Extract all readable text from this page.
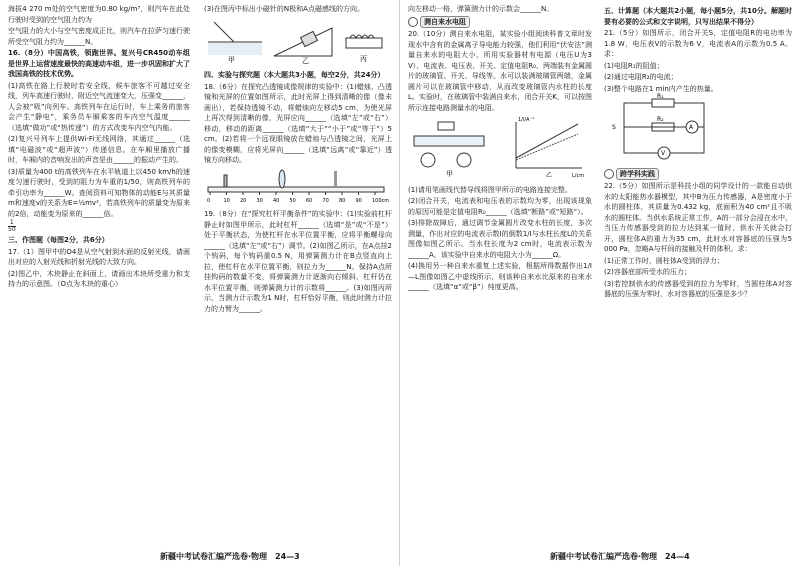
海拔4 270 m处的空气密度为0.80 kg/m³，则汽车在此处行驶时受到的空气阻力约为

空气阻力的大小与空气密度成正比，则汽车在拉萨匀速行驶所受空气阻力约为______N。

16.（8分）中国高铁，领跑世界。复兴号CR450动车组是世界上运营速度最快的高速动车组，进一步巩固和扩大了我国高铁的技术优势。

(1)高铁在路上行驶时若安全线，候车旅客不可越过安全线，列车高速行驶时，附近空气流速变大，压强变______，人会被“吸”向列车。高铁列车在运行时，车上乘务的旅客会产生“静电”，乘务员车厢乘客的车内空气温度______（选填“做功”或“热传递”）的方式改变车内空气内能。

(2)复兴号列车上提供Wi-Fi无线网络，其通过______（选填“电磁波”或“超声波”）传递信息。在车厢里播放广播时，车厢内的音响发出的声音是由______的振动产生的。

(3)质量为400 t的高铁列车在水平轨道上以450 km/h的速度匀速行驶时，受到的阻力为车重的1/50，则高铁列车的牵引功率为______W。查阅资料可知物体的动能E与其质量m和速度v的关系为E=½mv²，若高铁列车的质量变为原来的2倍，动能变为原来的______倍。

$\frac{1}{50}$

三、作图题（每图2分，共6分）

17.（1）图甲中的O4是从空气射到水面的反射光线，请画出对应的入射光线和折射光线的大致方向。

(2)图乙中，木块静止在斜面上，请画出木块所受重力和支持力的示意图。（O点为木块的重心）

(3)在图丙中标出小磁针的N极和A点磁感线的方向。

甲	乙	丙

四、实验与探究题（本大题共3小题，每空2分，共24分）

18.（6分）在探究凸透镜成像规律的实验中：(1)蜡烛、凸透镜和光屏的位置如图所示，此时光屏上得到清晰的像（像未画出），若保持透镜不动，将蜡烛向左移动5 cm，为使光屏上再次得到清晰的像，光屏应向______（选填“左”或“右”）移动，移动的距离______（选填“大于”“小于”或“等于”）5 cm。(2)若将一个远视眼镜放在蜡烛与凸透镜之间，光屏上的像变模糊，应将光屏向______（选填“远离”或“靠近”）透镜方向移动。

0	10 20 30 40 50 60 70 80 90 100cm

19.（8分）在“探究杠杆平衡条件”的实验中：(1)实验前杠杆静止时如图甲所示，此时杠杆______（选填“是”或“不是”）处于平衡状态，为使杠杆在水平位置平衡，应将平衡螺母向______（选填“左”或“右”）调节。(2)如图乙所示，在A点挂2个钩码，每个钩码重0.5 N，用弹簧测力计在B点竖直向上拉，使杠杆在水平位置平衡，则拉力为______N。保持A点所挂钩码的数量不变，将弹簧测力计逐渐向右倾斜，杠杆仍在水平位置平衡，则弹簧测力计的示数将______。(3)如图丙所示，当测力计示数为1 N时，杠杆恰好平衡，则此时测力计拉力的力臂为______。

新疆中考试卷汇编严选卷·物理　24—3

向左移动一格，弹簧测力计的示数会______N。

测自来水电阻

20.（10分）测自来水电阻，某实验小组阅读科普文章时发现水中含有的金属离子导电能力较强，他们利用“伏安法”测量自来水的电阻大小，所用实验器材有电源（电压U为3 V）、电流表、电压表、开关、定值电阻R₀、两端装有金属圆片的玻璃管、开关、导线等。水可以装满玻璃管两端，金属圆片可以在玻璃管中移动，从而改变玻璃管内水柱的长度L。实验时，在玻璃管中装满自来水，闭合开关K，可以按图所示连接电路测量水的电阻。

甲
1/I/A⁻¹
L/cm
乙

(1)请用笔画线代替导线将图甲所示的电路连接完整。

(2)闭合开关，电流表和电压表的示数均为零，出现该现象的原因可能是定值电阻R₀______（选填“断路”或“短路”）。

(3)排除故障后，通过调节金属圆片改变水柱的长度，多次测量，作出对应的电流表示数I的倒数1/I与水柱长度L的关系图像如图乙所示。当水柱长度为2 cm时，电流表示数为______A，该实验中自来水的电阻大小为______Ω。

(4)换用另一种自来水重复上述实验，根据所得数据作出1/I—L图像如图乙中虚线所示，则该种自来水比原来的自来水______（选填“α”或“β”）纯度更高。

五、计算题（本大题共2小题，每小题5分，共10分。解题时要有必要的公式和文字说明，只写出结果不得分）

21.（5分）如图所示，闭合开关S，定值电阻R的电功率为1.8 W，电压表V的示数为6 V，电流表A的示数为0.5 A。求：

(1)电阻R₁的阻值；

(2)通过电阻R₂的电流；

(3)整个电路在1 min内产生的热量。

R₁
S	A
R₂
V

跨学科实践

22.（5分）如图所示是科技小组的同学设计的一款能自动供水的太阳能热水器模型，其中B为压力传感器，A是密度小于水的圆柱体，其质量为0.432 kg，底面积为40 cm²且不吸水的圆柱体。当供水系统正常工作，A的一部分会浸在水中，当压力传感器受到的拉力达到某一值时，供水开关就会打开，圆柱体A的重力为35 cm，此时水对容器底的压强为5 000 Pa，忽略A与杆间的接触及杆的体积。求：

(1)正常工作时，圆柱体A受到的浮力；

(2)容器底部所受水的压力；

(3)若控制供水的传感器受到的拉力为零时，当圆柱体A对容器底的压强为零时，水对容器底的压强是多少？

新疆中考试卷汇编严选卷·物理　24—4
